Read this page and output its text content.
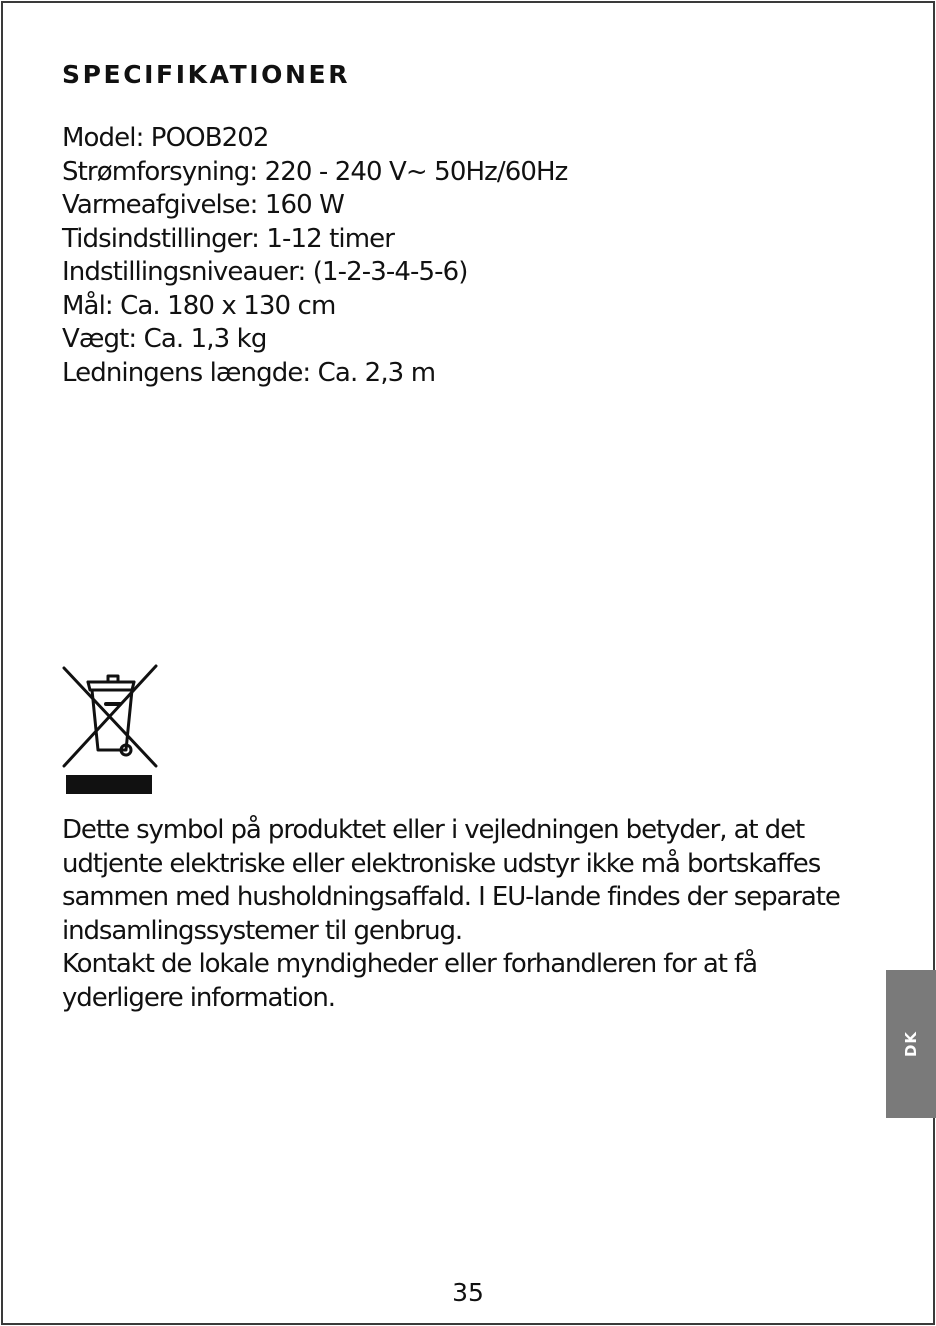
SPECIFIKATIONER
Model: POOB202
Strømforsyning: 220 - 240 V~ 50Hz/60Hz
Varmeafgivelse: 160 W
Tidsindstillinger: 1-12 timer
Indstillingsniveauer: (1-2-3-4-5-6)
Mål: Ca. 180 x 130 cm
Vægt: Ca. 1,3 kg
Ledningens længde: Ca. 2,3 m
Dette symbol på produktet eller i vejledningen betyder, at det
udtjente elektriske eller elektroniske udstyr ikke må bortskaffes
sammen med husholdningsaffald. I EU-lande findes der separate
indsamlingssystemer til genbrug.
Kontakt de lokale myndigheder eller forhandleren for at få
yderligere information.
DK
35
